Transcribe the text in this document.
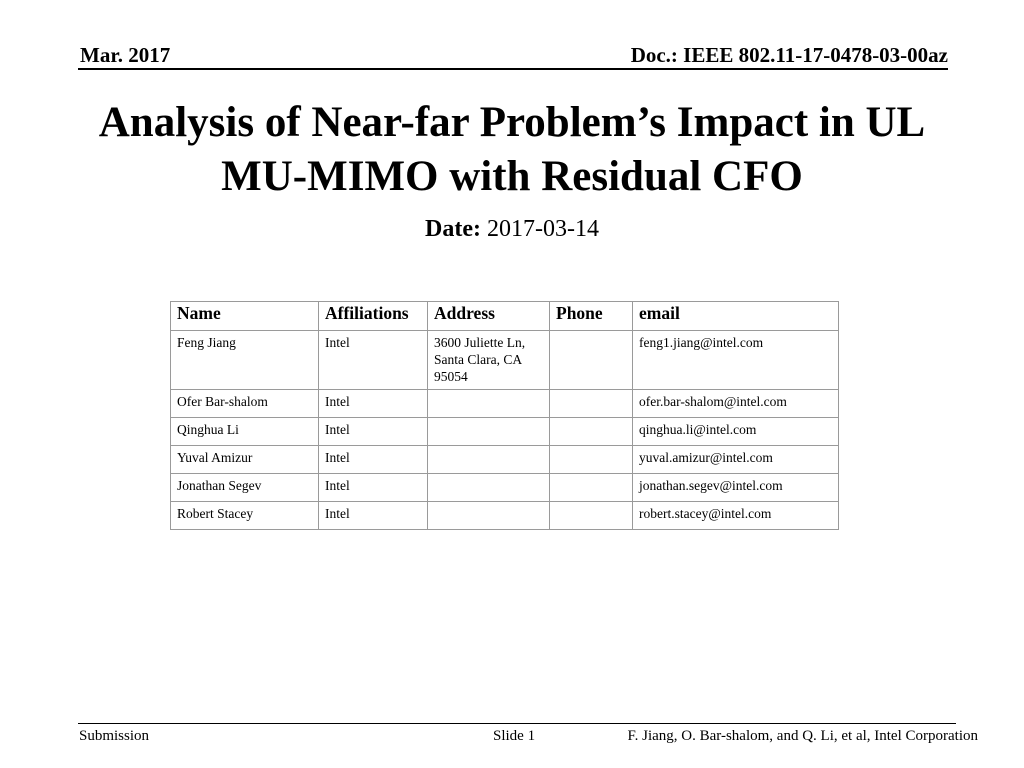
Mar. 2017	Doc.: IEEE 802.11-17-0478-03-00az
Analysis of Near-far Problem’s Impact in UL
MU-MIMO with Residual CFO
Date: 2017-03-14
Name	Affiliations	Address	Phone	email
Feng Jiang	Intel	3600 Juliette Ln, Santa Clara, CA 95054		feng1.jiang@intel.com
Ofer Bar-shalom	Intel			ofer.bar-shalom@intel.com
Qinghua Li	Intel			qinghua.li@intel.com
Yuval Amizur	Intel			yuval.amizur@intel.com
Jonathan Segev	Intel			jonathan.segev@intel.com
Robert Stacey	Intel			robert.stacey@intel.com
Submission	Slide 1	F. Jiang, O. Bar-shalom, and Q. Li, et al, Intel Corporation
